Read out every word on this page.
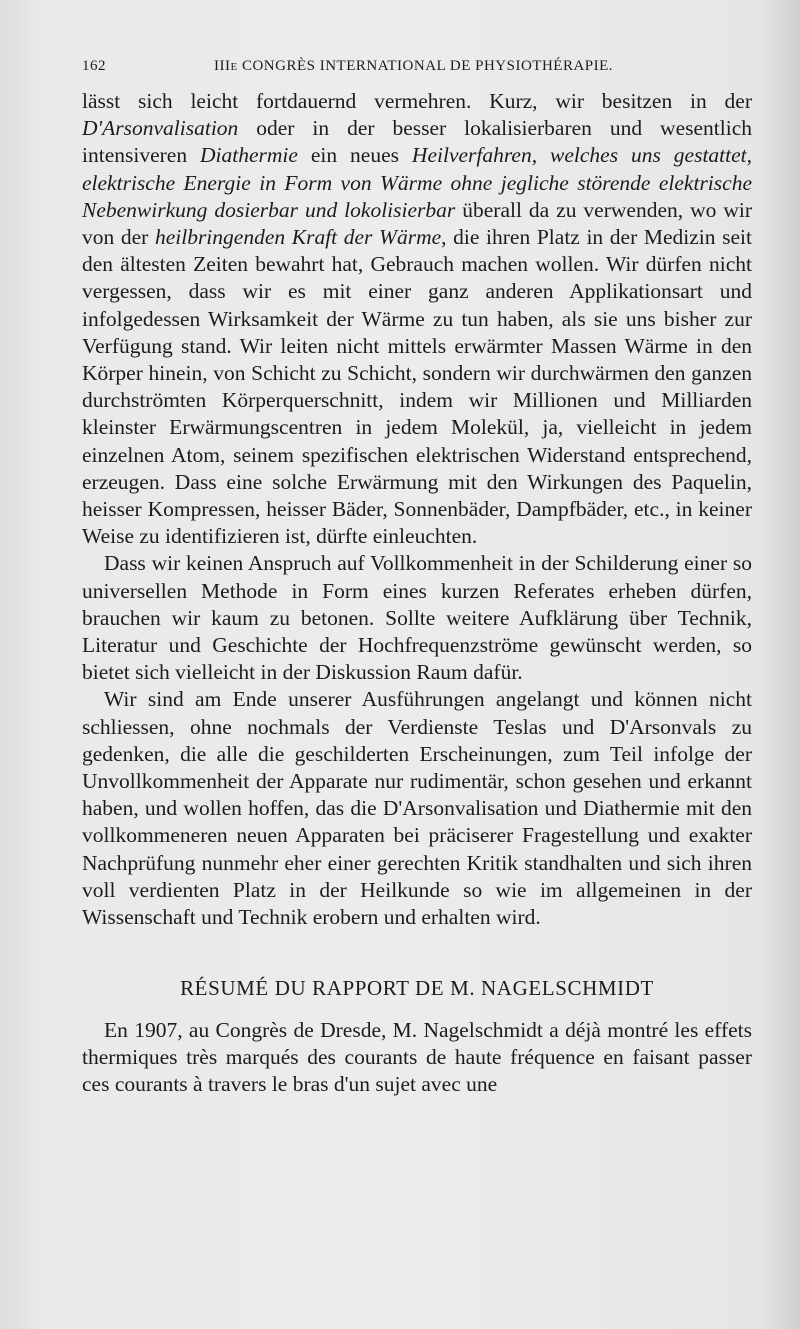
162	IIIe CONGRÈS INTERNATIONAL DE PHYSIOTHÉRAPIE.

lässt sich leicht fortdauernd vermehren. Kurz, wir besitzen in der D'Arsonvalisation oder in der besser lokalisierbaren und wesentlich intensiveren Diathermie ein neues Heilverfahren, welches uns gestattet, elektrische Energie in Form von Wärme ohne jegliche störende elektrische Nebenwirkung dosierbar und lokolisierbar überall da zu verwenden, wo wir von der heilbringenden Kraft der Wärme, die ihren Platz in der Medizin seit den ältesten Zeiten bewahrt hat, Gebrauch machen wollen. Wir dürfen nicht vergessen, dass wir es mit einer ganz anderen Applikationsart und infolgedessen Wirksamkeit der Wärme zu tun haben, als sie uns bisher zur Verfügung stand. Wir leiten nicht mittels erwärmter Massen Wärme in den Körper hinein, von Schicht zu Schicht, sondern wir durchwärmen den ganzen durchströmten Körperquerschnitt, indem wir Millionen und Milliarden kleinster Erwärmungscentren in jedem Molekül, ja, vielleicht in jedem einzelnen Atom, seinem spezifischen elektrischen Widerstand entsprechend, erzeugen. Dass eine solche Erwärmung mit den Wirkungen des Paquelin, heisser Kompressen, heisser Bäder, Sonnenbäder, Dampfbäder, etc., in keiner Weise zu identifizieren ist, dürfte einleuchten.

Dass wir keinen Anspruch auf Vollkommenheit in der Schilderung einer so universellen Methode in Form eines kurzen Referates erheben dürfen, brauchen wir kaum zu betonen. Sollte weitere Aufklärung über Technik, Literatur und Geschichte der Hochfrequenzströme gewünscht werden, so bietet sich vielleicht in der Diskussion Raum dafür.

Wir sind am Ende unserer Ausführungen angelangt und können nicht schliessen, ohne nochmals der Verdienste Teslas und D'Arsonvals zu gedenken, die alle die geschilderten Erscheinungen, zum Teil infolge der Unvollkommenheit der Apparate nur rudimentär, schon gesehen und erkannt haben, und wollen hoffen, das die D'Arsonvalisation und Diathermie mit den vollkommeneren neuen Apparaten bei präciserer Fragestellung und exakter Nachprüfung nunmehr eher einer gerechten Kritik standhalten und sich ihren voll verdienten Platz in der Heilkunde so wie im allgemeinen in der Wissenschaft und Technik erobern und erhalten wird.

RÉSUMÉ DU RAPPORT DE M. NAGELSCHMIDT

En 1907, au Congrès de Dresde, M. Nagelschmidt a déjà montré les effets thermiques très marqués des courants de haute fréquence en faisant passer ces courants à travers le bras d'un sujet avec une
